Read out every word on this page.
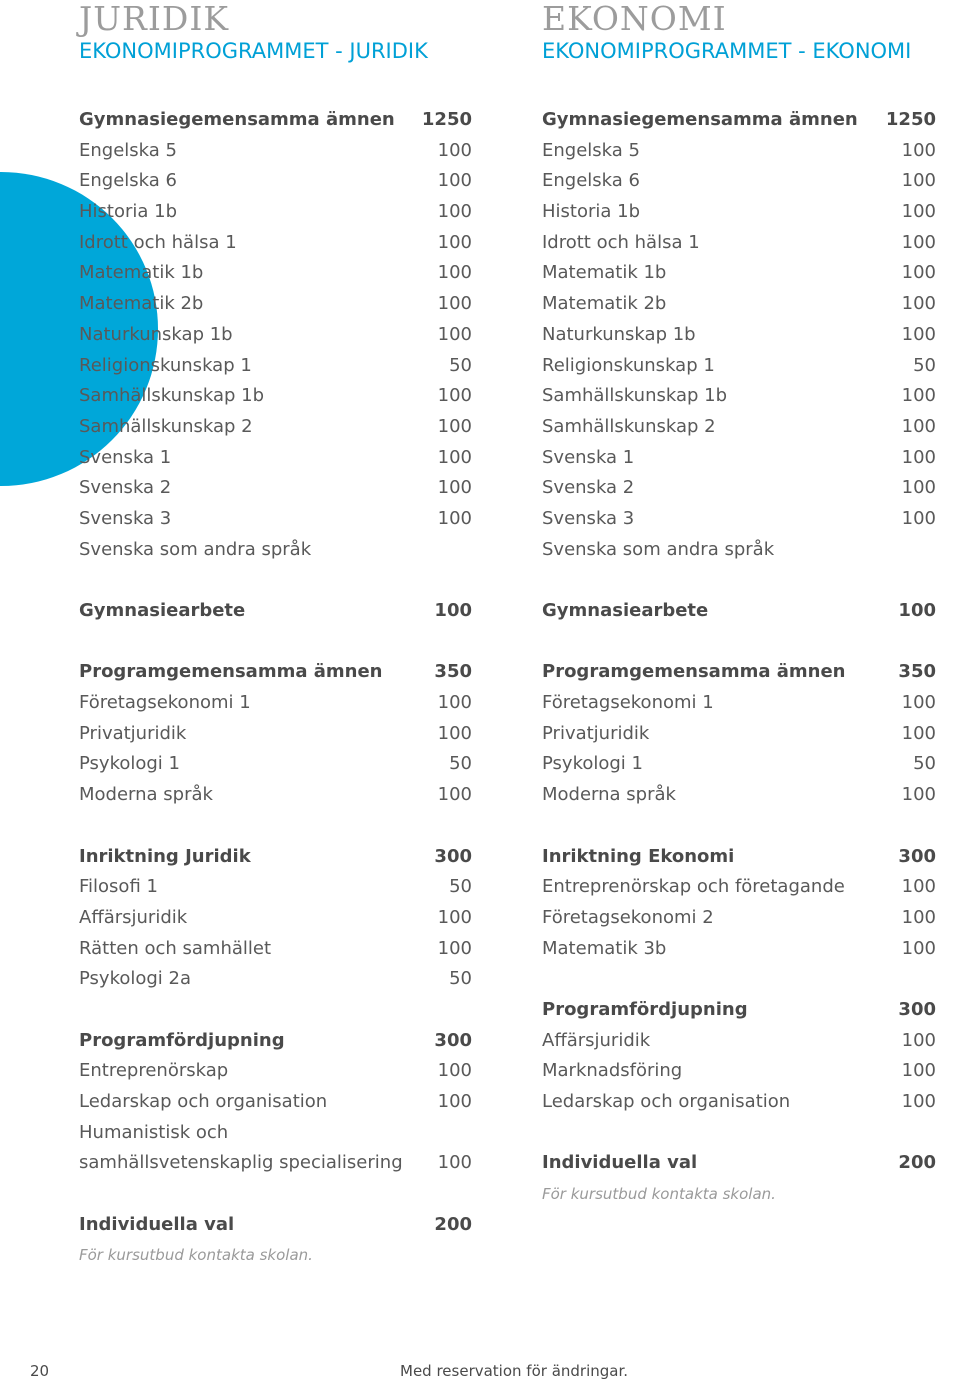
JURIDIK
EKONOMIPROGRAMMET - JURIDIK
Gymnasiegemensamma ämnen 1250
Engelska 5	100
Engelska 6	100
Historia 1b	100
Idrott och hälsa 1	100
Matematik 1b	100
Matematik 2b	100
Naturkunskap 1b	100
Religionskunskap 1	50
Samhällskunskap 1b	100
Samhällskunskap 2	100
Svenska 1	100
Svenska 2	100
Svenska 3	100
Svenska som andra språk
Gymnasiearbete	100
Programgemensamma ämnen	350
Företagsekonomi 1	100
Privatjuridik	100
Psykologi 1	50
Moderna språk	100
Inriktning Juridik	300
Filosofi 1	50
Affärsjuridik	100
Rätten och samhället	100
Psykologi 2a	50
Programfördjupning	300
Entreprenörskap	100
Ledarskap och organisation	100
Humanistisk och
samhällsvetenskaplig specialisering 100
Individuella val	200
För kursutbud kontakta skolan.
EKONOMI
EKONOMIPROGRAMMET - EKONOMI
Gymnasiegemensamma ämnen 1250
Engelska 5	100
Engelska 6	100
Historia 1b	100
Idrott och hälsa 1	100
Matematik 1b	100
Matematik 2b	100
Naturkunskap 1b	100
Religionskunskap 1	50
Samhällskunskap 1b	100
Samhällskunskap 2	100
Svenska 1	100
Svenska 2	100
Svenska 3	100
Svenska som andra språk
Gymnasiearbete	100
Programgemensamma ämnen	350
Företagsekonomi 1	100
Privatjuridik	100
Psykologi 1	50
Moderna språk	100
Inriktning Ekonomi	300
Entreprenörskap och företagande	100
Företagsekonomi 2	100
Matematik 3b	100
Programfördjupning	300
Affärsjuridik	100
Marknadsföring	100
Ledarskap och organisation	100
Individuella val	200
För kursutbud kontakta skolan.
20	Med reservation för ändringar.
